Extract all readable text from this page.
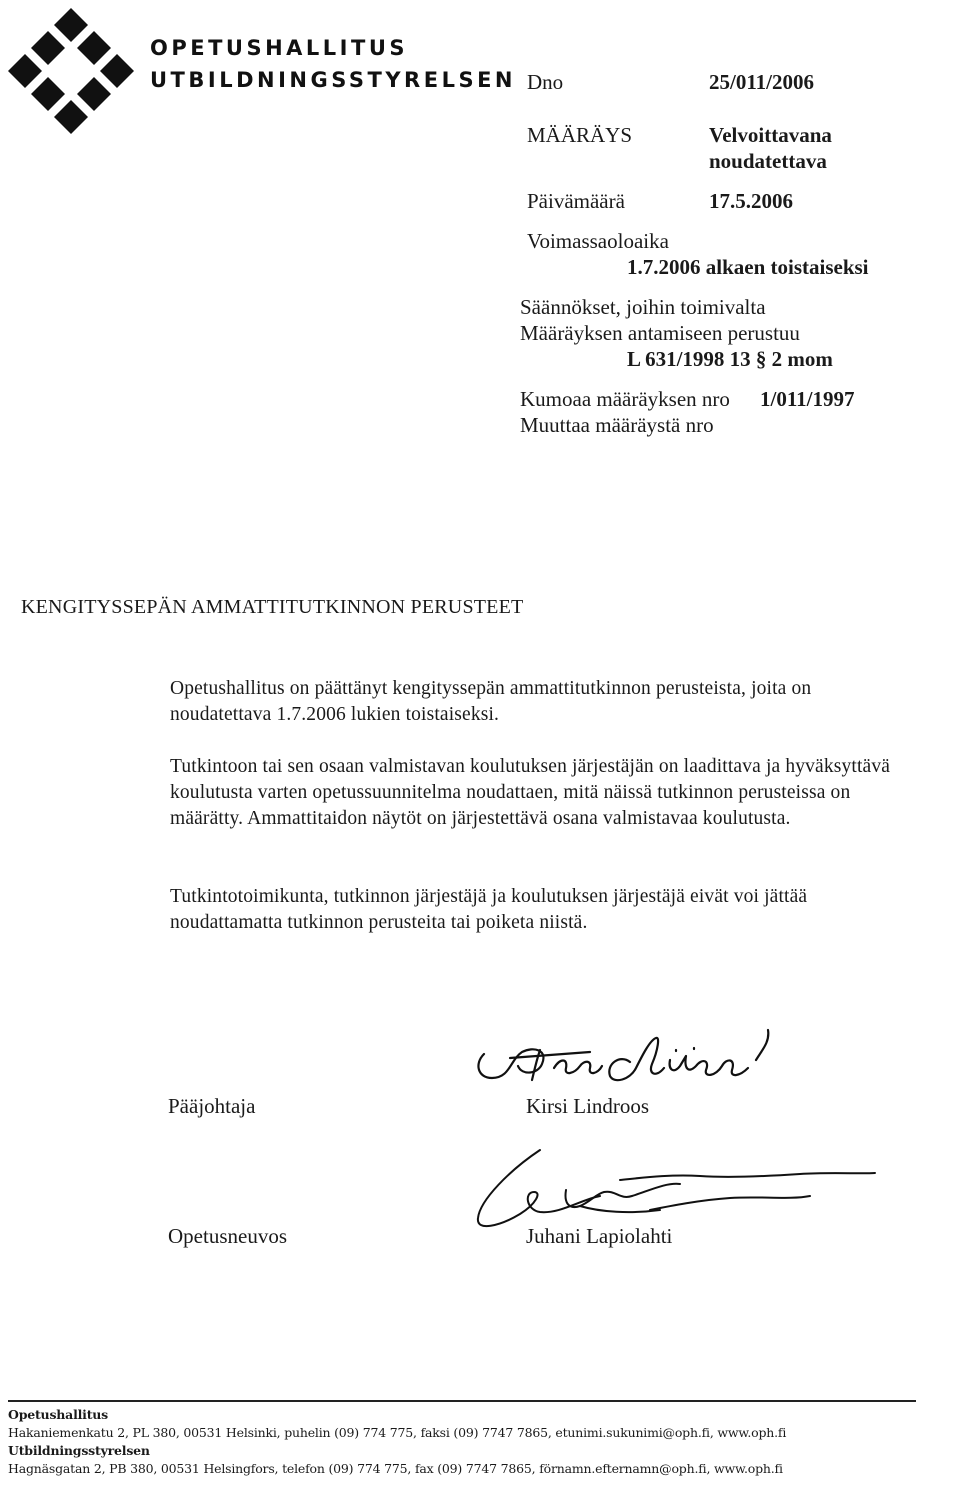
OPETUSHALLITUS
UTBILDNINGSSTYRELSEN Dno	25/011/2006
MÄÄRÄYS	Velvoittavana
noudatettava
Päivämäärä	17.5.2006
Voimassaoloaika
1.7.2006 alkaen toistaiseksi
Säännökset, joihin toimivalta
Määräyksen antamiseen perustuu
L 631/1998 13 § 2 mom
Kumoaa määräyksen nro 1/011/1997
Muuttaa määräystä nro
KENGITYSSEPÄN AMMATTITUTKINNON PERUSTEET

Opetushallitus on päättänyt kengityssepän ammattitutkinnon perusteista, joita on noudatettava 1.7.2006 lukien toistaiseksi.

Tutkintoon tai sen osaan valmistavan koulutuksen järjestäjän on laadittava ja hyväksyttävä koulutusta varten opetussuunnitelma noudattaen, mitä näissä tutkinnon perusteissa on määrätty. Ammattitaidon näytöt on järjestettävä osana valmistavaa koulutusta.

Tutkintotoimikunta, tutkinnon järjestäjä ja koulutuksen järjestäjä eivät voi jättää noudattamatta tutkinnon perusteita tai poiketa niistä.

Pääjohtaja	Kirsi Lindroos
Opetusneuvos	Juhani Lapiolahti
Opetushallitus
Hakaniemenkatu 2, PL 380, 00531 Helsinki, puhelin (09) 774 775, faksi (09) 7747 7865, etunimi.sukunimi@oph.fi, www.oph.fi
Utbildningsstyrelsen
Hagnäsgatan 2, PB 380, 00531 Helsingfors, telefon (09) 774 775, fax (09) 7747 7865, förnamn.efternamn@oph.fi, www.oph.fi
